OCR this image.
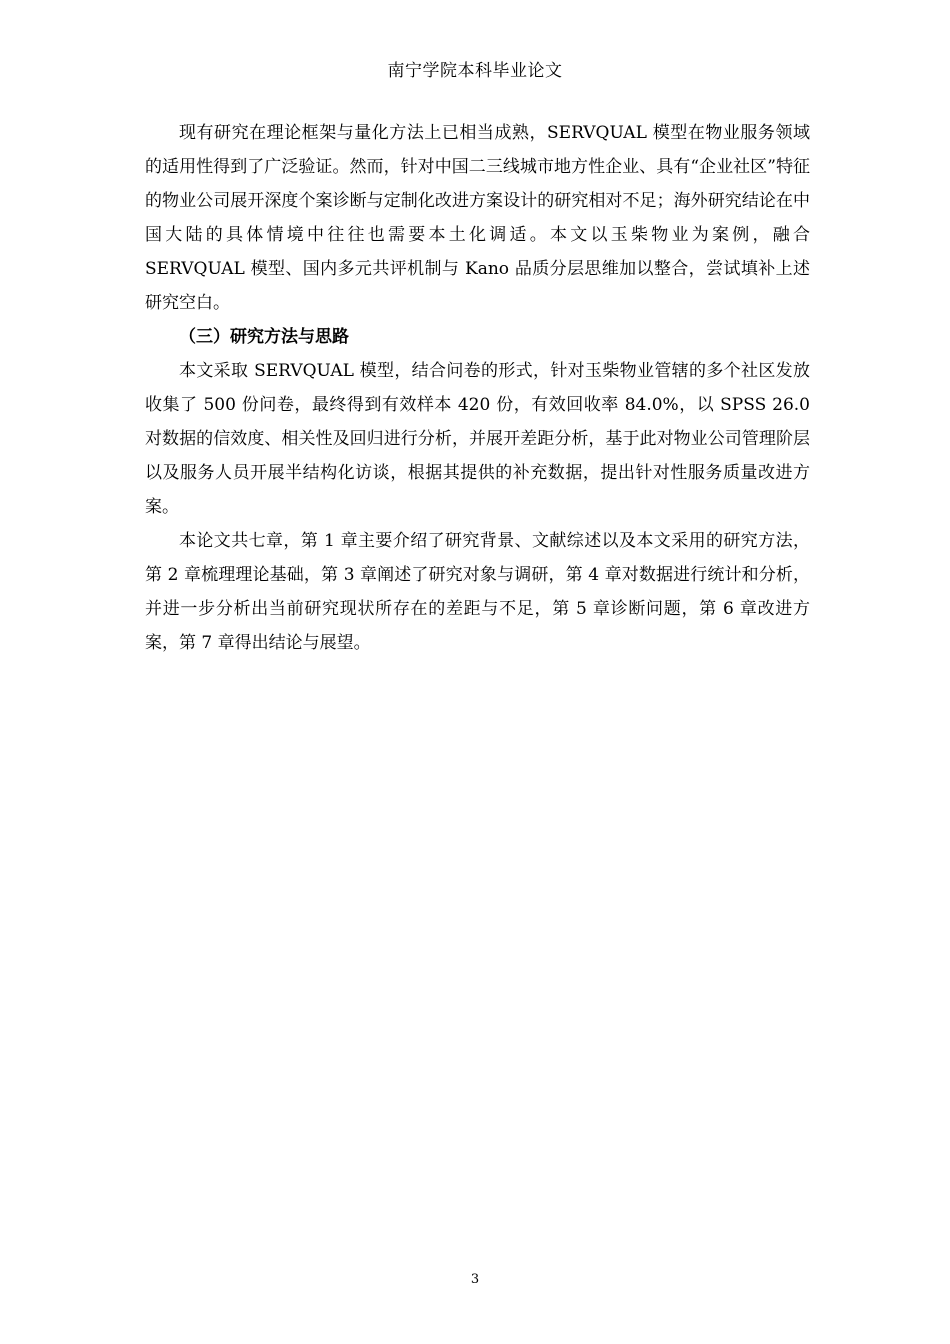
南宁学院本科毕业论文

现有研究在理论框架与量化方法上已相当成熟，SERVQUAL 模型在物业服务领域的适用性得到了广泛验证。然而，针对中国二三线城市地方性企业、具有“企业社区”特征的物业公司展开深度个案诊断与定制化改进方案设计的研究相对不足；海外研究结论在中国大陆的具体情境中往往也需要本土化调适。本文以玉柴物业为案例，融合 SERVQUAL 模型、国内多元共评机制与 Kano 品质分层思维加以整合，尝试填补上述研究空白。

（三）研究方法与思路

本文采取 SERVQUAL 模型，结合问卷的形式，针对玉柴物业管辖的多个社区发放收集了 500 份问卷，最终得到有效样本 420 份，有效回收率 84.0%，以 SPSS 26.0 对数据的信效度、相关性及回归进行分析，并展开差距分析，基于此对物业公司管理阶层以及服务人员开展半结构化访谈，根据其提供的补充数据，提出针对性服务质量改进方案。

本论文共七章，第 1 章主要介绍了研究背景、文献综述以及本文采用的研究方法，第 2 章梳理理论基础，第 3 章阐述了研究对象与调研，第 4 章对数据进行统计和分析，并进一步分析出当前研究现状所存在的差距与不足，第 5 章诊断问题，第 6 章改进方案，第 7 章得出结论与展望。

3
